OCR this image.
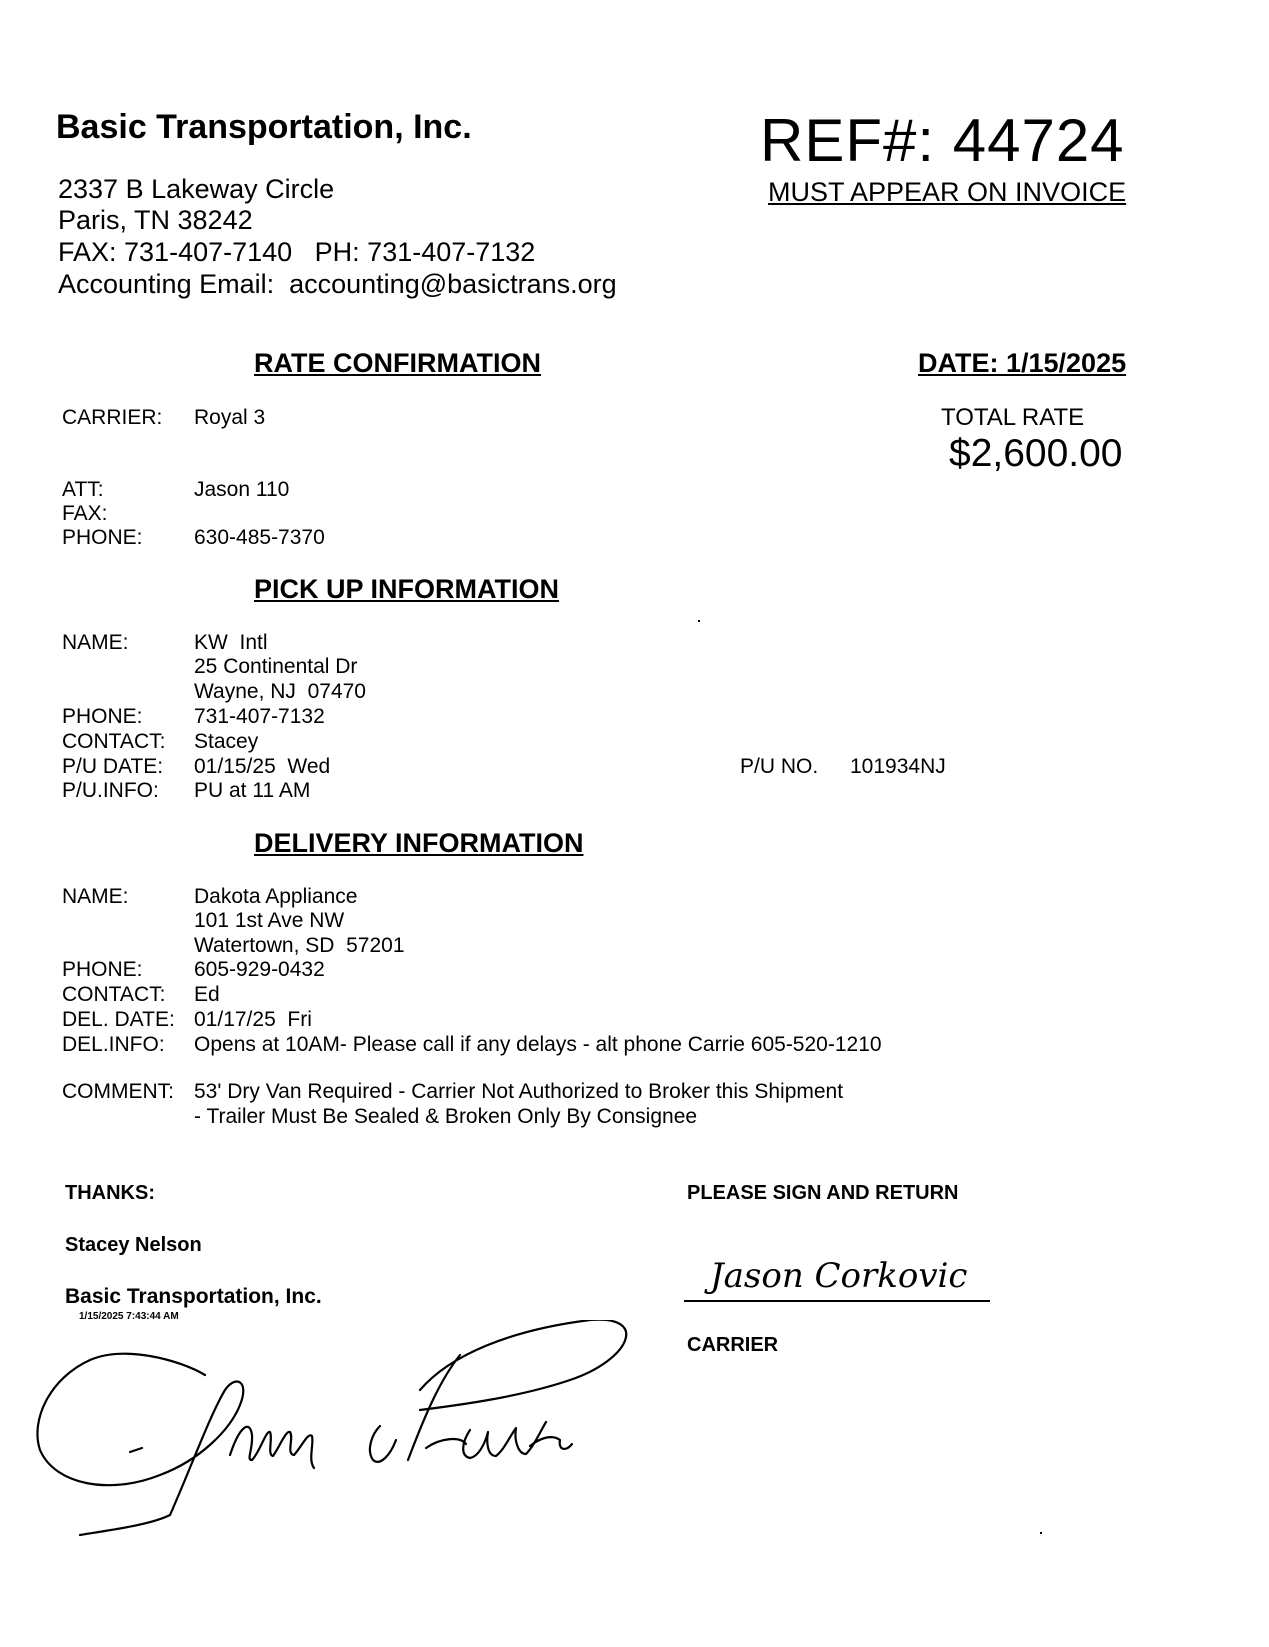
Basic Transportation, Inc.
2337 B Lakeway Circle
Paris, TN 38242
FAX: 731-407-7140   PH: 731-407-7132
Accounting Email:  accounting@basictrans.org
REF#: 44724
MUST APPEAR ON INVOICE
RATE CONFIRMATION	DATE: 1/15/2025
TOTAL RATE
$2,600.00
CARRIER: Royal 3
ATT:	Jason 110
FAX:
PHONE: 630-485-7370
PICK UP INFORMATION
NAME:	KW  Intl
25 Continental Dr
Wayne, NJ  07470
PHONE: 731-407-7132
CONTACT: Stacey
P/U DATE: 01/15/25  Wed
P/U.INFO: PU at 11 AM
P/U NO. 101934NJ
DELIVERY INFORMATION
NAME:	Dakota Appliance
101 1st Ave NW
Watertown, SD  57201
PHONE: 605-929-0432
CONTACT: Ed
DEL. DATE: 01/17/25  Fri
DEL.INFO: Opens at 10AM- Please call if any delays - alt phone Carrie 605-520-1210
COMMENT: 53' Dry Van Required - Carrier Not Authorized to Broker this Shipment
- Trailer Must Be Sealed & Broken Only By Consignee
THANKS:
Stacey Nelson
Basic Transportation, Inc.
1/15/2025 7:43:44 AM
PLEASE SIGN AND RETURN
Jason Corkovic
CARRIER
